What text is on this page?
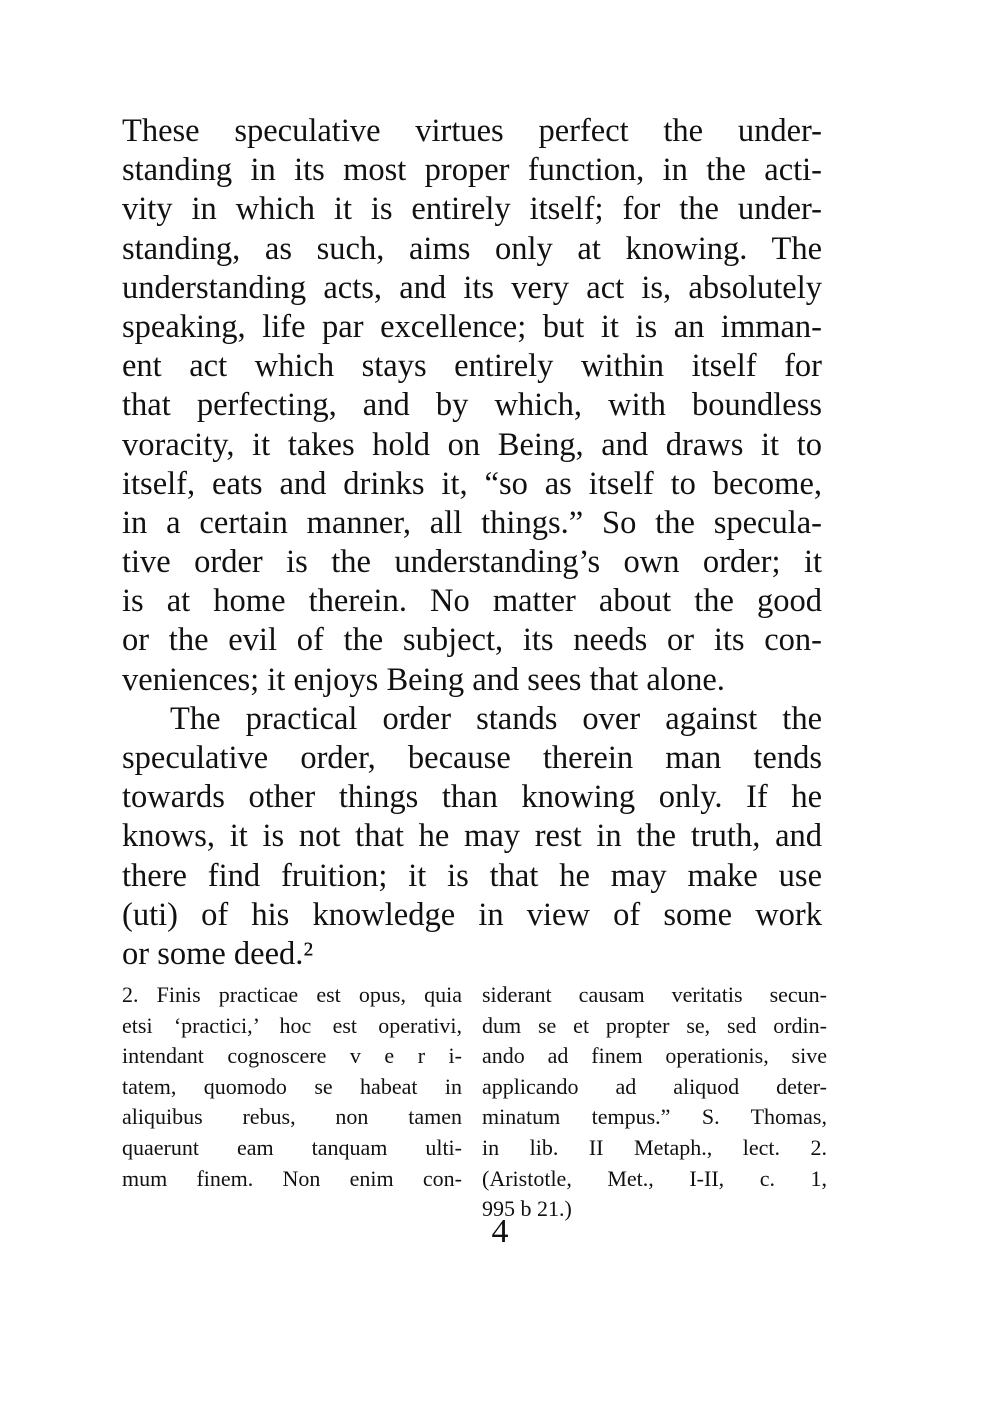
These speculative virtues perfect the under-
standing in its most proper function, in the acti-
vity in which it is entirely itself; for the under-
standing, as such, aims only at knowing. The
understanding acts, and its very act is, absolutely
speaking, life par excellence; but it is an imman-
ent act which stays entirely within itself for
that perfecting, and by which, with boundless
voracity, it takes hold on Being, and draws it to
itself, eats and drinks it, “so as itself to become,
in a certain manner, all things.” So the specula-
tive order is the understanding’s own order; it
is at home therein. No matter about the good
or the evil of the subject, its needs or its con-
veniences; it enjoys Being and sees that alone.
The practical order stands over against the
speculative order, because therein man tends
towards other things than knowing only. If he
knows, it is not that he may rest in the truth, and
there find fruition; it is that he may make use
(uti) of his knowledge in view of some work
or some deed.²
2. Finis practicae est opus, quia
etsi ‘practici,’ hoc est operativi,
intendant cognoscere v e r i-
tatem, quomodo se habeat in
aliquibus rebus, non tamen
quaerunt eam tanquam ulti-
mum finem. Non enim con-
siderant causam veritatis secun-
dum se et propter se, sed ordin-
ando ad finem operationis, sive
applicando ad aliquod deter-
minatum tempus.” S. Thomas,
in lib. II Metaph., lect. 2.
(Aristotle, Met., I-II, c. 1,
995 b 21.)
4
